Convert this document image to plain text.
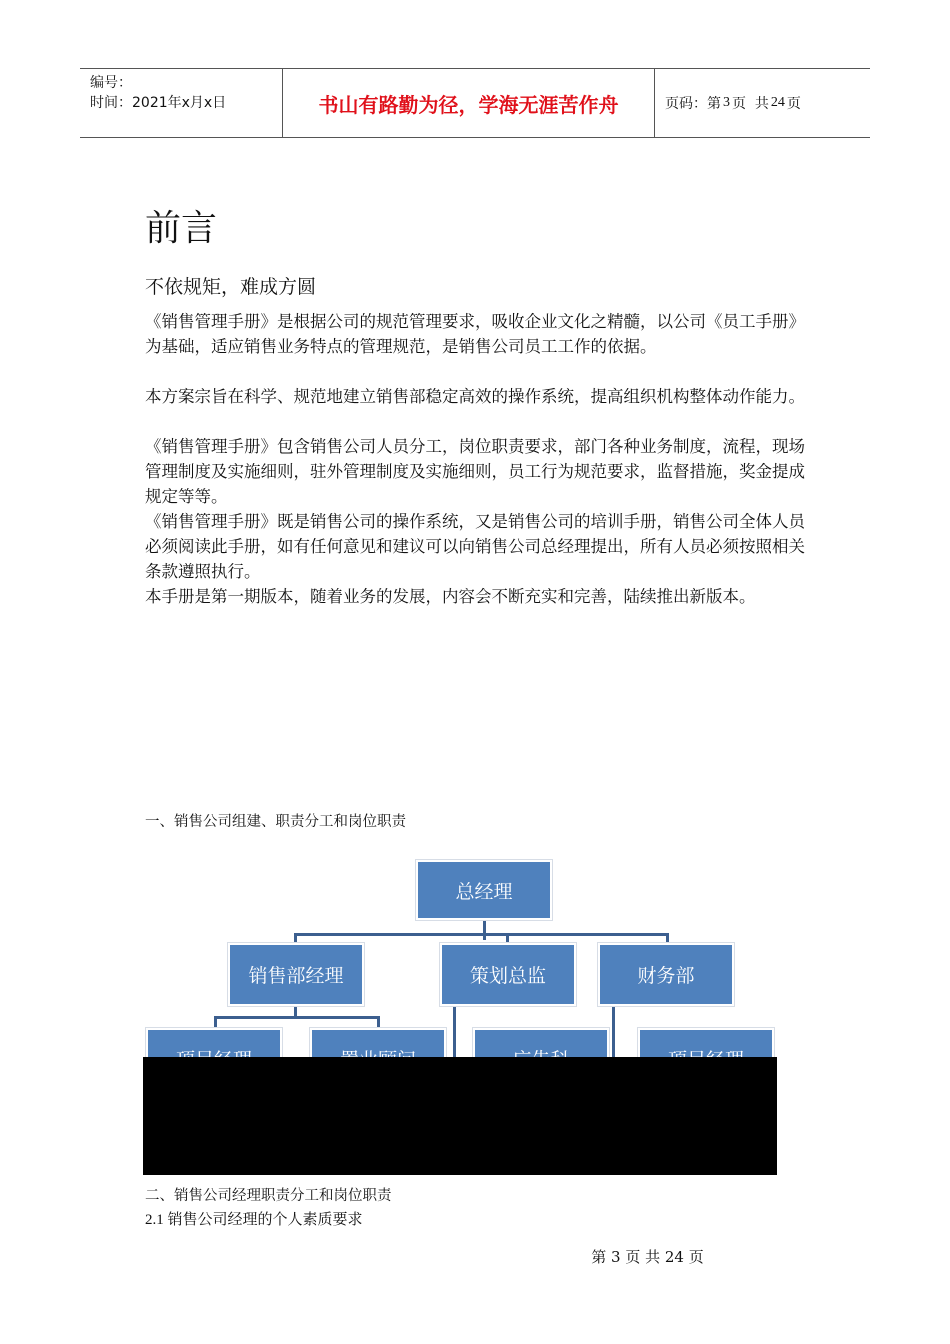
编号：
时间：2021年x月x日	书山有路勤为径，学海无涯苦作舟	页码：第 3 页  共 24 页
前言
不依规矩，难成方圆

《销售管理手册》是根据公司的规范管理要求，吸收企业文化之精髓，以公司《员工手册》为基础，适应销售业务特点的管理规范，是销售公司员工工作的依据。

本方案宗旨在科学、规范地建立销售部稳定高效的操作系统，提高组织机构整体动作能力。

《销售管理手册》包含销售公司人员分工，岗位职责要求，部门各种业务制度，流程，现场管理制度及实施细则，驻外管理制度及实施细则，员工行为规范要求，监督措施，奖金提成规定等等。

《销售管理手册》既是销售公司的操作系统，又是销售公司的培训手册，销售公司全体人员必须阅读此手册，如有任何意见和建议可以向销售公司总经理提出，所有人员必须按照相关条款遵照执行。

本手册是第一期版本，随着业务的发展，内容会不断充实和完善，陆续推出新版本。

一、销售公司组建、职责分工和岗位职责
总经理
销售部经理	策划总监	财务部
二、销售公司经理职责分工和岗位职责
2.1 销售公司经理的个人素质要求
第 3 页 共 24 页
